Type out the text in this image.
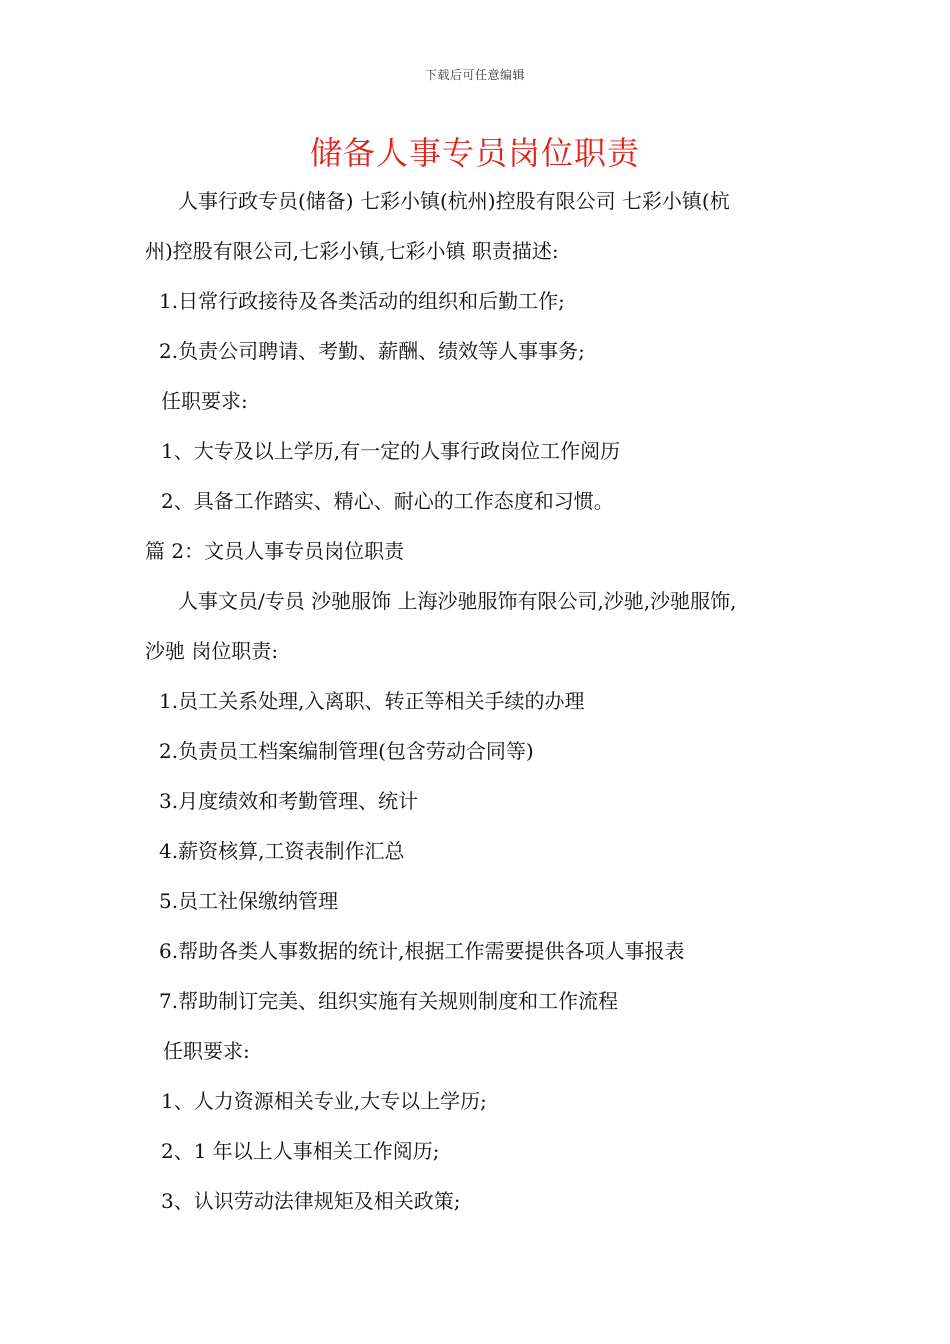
下载后可任意编辑
储备人事专员岗位职责
人事行政专员(储备) 七彩小镇(杭州)控股有限公司 七彩小镇(杭
州)控股有限公司,七彩小镇,七彩小镇 职责描述:
1.日常行政接待及各类活动的组织和后勤工作;
2.负责公司聘请、考勤、薪酬、绩效等人事事务;
任职要求:
1、大专及以上学历,有一定的人事行政岗位工作阅历
2、具备工作踏实、精心、耐心的工作态度和习惯。
篇 2：文员人事专员岗位职责
人事文员/专员 沙驰服饰 上海沙驰服饰有限公司,沙驰,沙驰服饰,
沙驰 岗位职责:
1.员工关系处理,入离职、转正等相关手续的办理
2.负责员工档案编制管理(包含劳动合同等)
3.月度绩效和考勤管理、统计
4.薪资核算,工资表制作汇总
5.员工社保缴纳管理
6.帮助各类人事数据的统计,根据工作需要提供各项人事报表
7.帮助制订完美、组织实施有关规则制度和工作流程
任职要求:
1、人力资源相关专业,大专以上学历;
2、1 年以上人事相关工作阅历;
3、认识劳动法律规矩及相关政策;
